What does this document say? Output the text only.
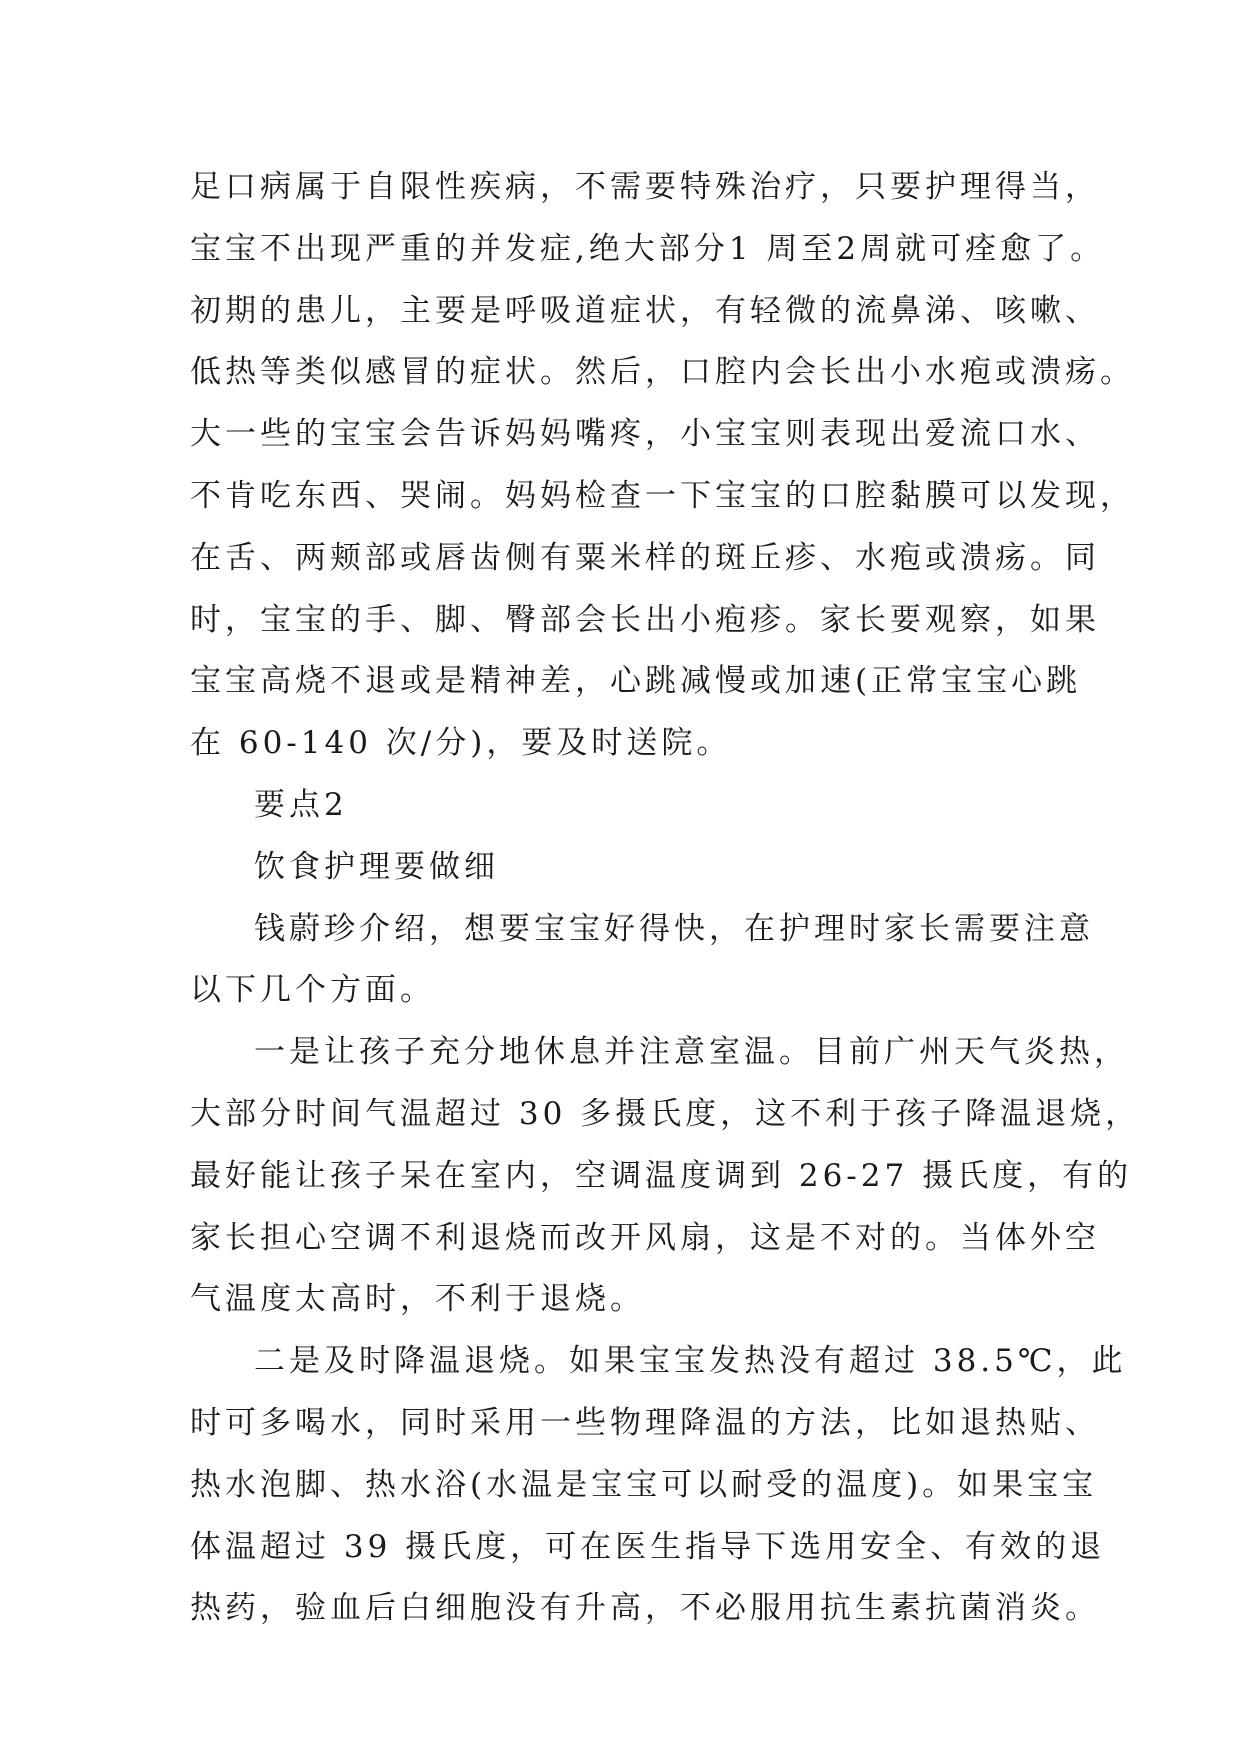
足口病属于自限性疾病，不需要特殊治疗，只要护理得当，
宝宝不出现严重的并发症,绝大部分1 周至2周就可痊愈了。
初期的患儿，主要是呼吸道症状，有轻微的流鼻涕、咳嗽、
低热等类似感冒的症状。然后，口腔内会长出小水疱或溃疡。
大一些的宝宝会告诉妈妈嘴疼，小宝宝则表现出爱流口水、
不肯吃东西、哭闹。妈妈检查一下宝宝的口腔黏膜可以发现，
在舌、两颊部或唇齿侧有粟米样的斑丘疹、水疱或溃疡。同
时，宝宝的手、脚、臀部会长出小疱疹。家长要观察，如果
宝宝高烧不退或是精神差，心跳减慢或加速(正常宝宝心跳
在 60-140 次/分)，要及时送院。
要点2
饮食护理要做细
钱蔚珍介绍，想要宝宝好得快，在护理时家长需要注意
以下几个方面。
一是让孩子充分地休息并注意室温。目前广州天气炎热，
大部分时间气温超过 30 多摄氏度，这不利于孩子降温退烧，
最好能让孩子呆在室内，空调温度调到 26-27 摄氏度，有的
家长担心空调不利退烧而改开风扇，这是不对的。当体外空
气温度太高时，不利于退烧。
二是及时降温退烧。如果宝宝发热没有超过 38.5℃，此
时可多喝水，同时采用一些物理降温的方法，比如退热贴、
热水泡脚、热水浴(水温是宝宝可以耐受的温度)。如果宝宝
体温超过 39 摄氏度，可在医生指导下选用安全、有效的退
热药，验血后白细胞没有升高，不必服用抗生素抗菌消炎。
